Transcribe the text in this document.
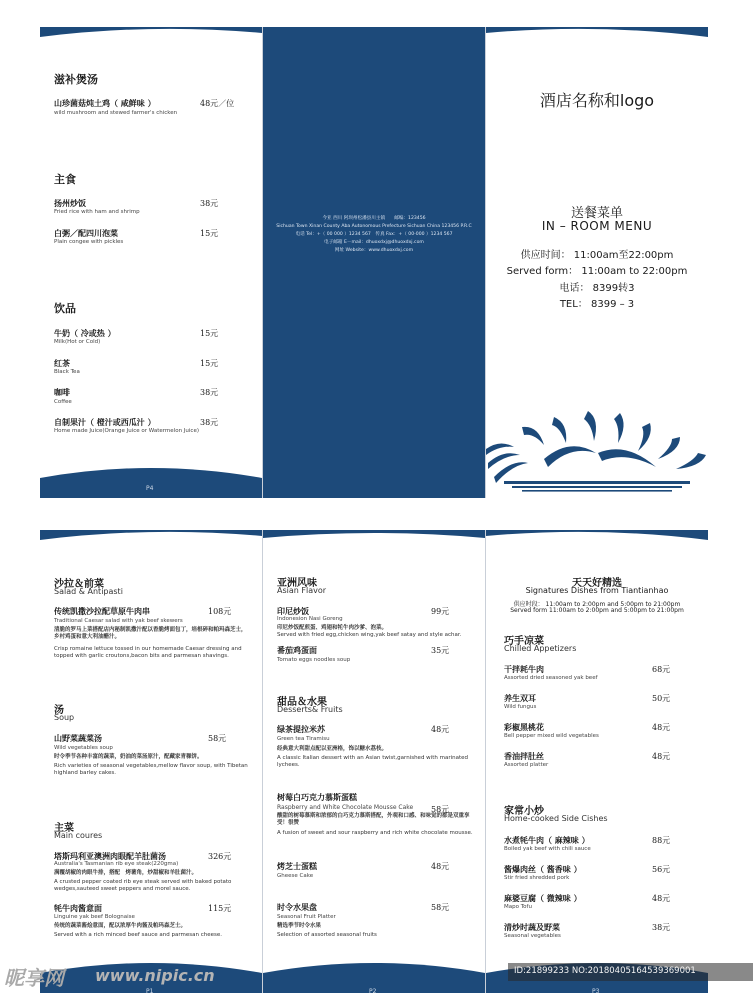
滋补煲汤
山珍菌菇炖土鸡（ 咸鲜味 ）	48元／位
wild mushroom and stewed farmer's chicken
主食
扬州炒饭	38元
Fried rice with ham and shrimp
白粥／配四川泡菜	15元
Plain congee with pickles
饮品
牛奶（ 冷或热 ）	15元
Milk(Hot or Cold)
红茶	15元
Black Tea
咖啡	38元
Coffee
自制果汁（ 橙汁或西瓜汁 ）	38元
Home made Juice(Orange Juice or Watermelon Juice)
P4
今亚 西川 阿坝州松潘县川主镇　　邮编：123456
Sichuan Town Xinan County Aba Autonomous Prefecture Sichuan China 123456 P.R.C
电话 Tel：+（ 00 000 ）1234 567　传真 Fax：+（ 00-000 ）1234 567
电子邮箱 E－mail：dhuoxdxj@dhuoxdxj.com
网址 Website：www.dhuoxdxj.com
酒店名称和logo
送餐菜单
IN – ROOM MENU
供应时间： 11:00am至22:00pm
Served form： 11:00am to 22:00pm
电话： 8399转3
TEL： 8399 – 3
沙拉＆前菜
Salad & Antipasti
传统凯撒沙拉配草原牛肉串	108元
Traditional Caesar salad with yak beef skewers
清脆的罗马上菜搭配店内秘制凯撒汁配以香脆烤面包丁，培根碎和帕玛森芝士，乡村鸡蛋和意大利油醋汁。
Crisp romaine lettuce tossed in our homemade Caesar dressing and topped with garlic croutons,bacon bits and parmesan shavings.
汤
Soup
山野菜蔬菜汤	58元
Wild vegetables soup
时令季节各种丰富的蔬菜，奶油的菜汤原汁，配藏家青稞饼。
Rich varieties of seasonal vegetables,mellow flavor soup, with Tibetan highland barley cakes.
主菜
Main coures
塔斯玛利亚澳洲肉眼配羊肚菌汤	326元
Australia's Tasmanian rib eye steak(220gma)
满覆胡椒的肉眼牛排，搭配　烤薯角，炒甜椒和羊肚菌汁。
A crusted pepper coated rib eye steak served with baked potato wedges,sauteed sweet peppers and morel sauce.
牦牛肉酱意面	115元
Linguine yak beef Bolognaise
传统的蔬菜酱烩意面，配以浓厚牛肉酱及帕玛森芝士。
Served with a rich minced beef sauce and parmesan cheese.
P1
亚洲风味
Asian Flavor
印尼炒饭	99元
Indonesion Nasi Goreng
印尼炒饭配煎蛋、鸡翅和牦牛肉沙爹、泡菜。
Served with fried egg,chicken wing,yak beef satay and style achar.
番茄鸡蛋面	35元
Tomato eggs noodles soup
甜品＆水果
Desserts& Fruits
绿茶提拉米苏	48元
Green tea Tiramisu
经典意大利甜点配以亚洲格，饰以糖水荔枝。
A classic Italian dessert with an Asian twist,garnished with marinated lychees.
树莓白巧克力慕斯蛋糕
Raspberry and White Chocolate Mousse Cake 58元
酸甜的树莓慕斯和浓郁的白巧克力慕斯搭配，外观和口感、和味觉的都是双重享受！很赞
A fusion of sweet and sour raspberry and rich white chocolate mousse.
烤芝士蛋糕	48元
Gheese Cake
时令水果盘	58元
Seasonal Fruit Platter
精选季节时令水果
Selection of assorted seasonal fruits
P2
天天好精选
Signatures Dishes from Tiantianhao
供应时段： 11:00am to 2:00pm and 5:00pm to 21:00pm
Served form 11:00am to 2:00pm and 5:00pm to 21:00pm
巧手凉菜
Chilled Appetizers
干拌耗牛肉	68元
Assorted dried seasoned yak beef
养生双耳	50元
Wild fungus
彩椒黑桃花	48元
Bell pepper mixed wild vegetables
香油拌肚丝	48元
Assorted platter
家常小炒
Home-cooked Side Cishes
水煮牦牛肉（ 麻辣味 ）	88元
Boiled yak beef with chili sauce
酱爆肉丝（ 酱香味 ）	56元
Stir fried shredded pork
麻婆豆腐（ 微辣味 ）	48元
Mapo Tofu
清炒时蔬及野菜	38元
Seasonal vegetables
P3
昵享网 www.nipic.cn	ID:21899233 NO:20180405164539369001
